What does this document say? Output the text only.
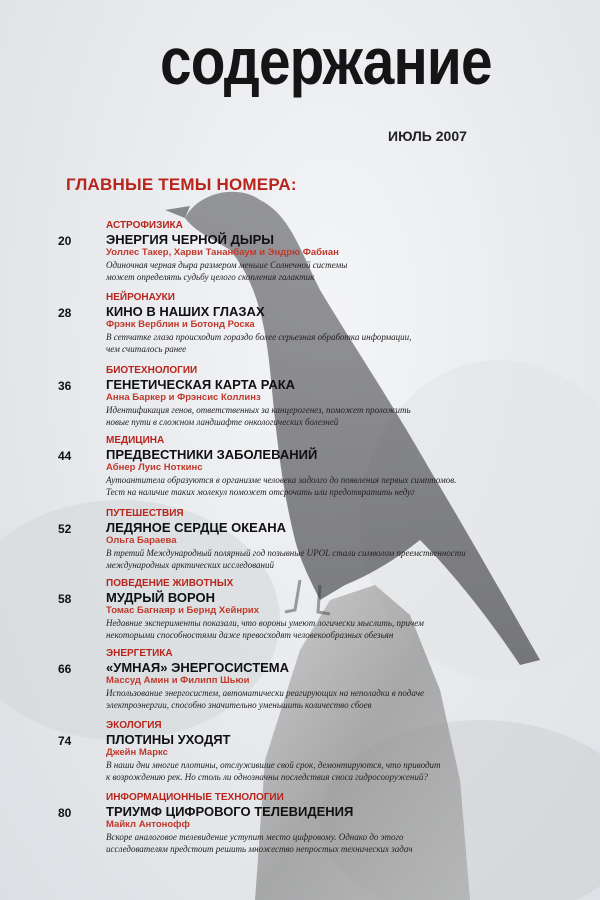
содержание
ИЮЛЬ 2007
ГЛАВНЫЕ ТЕМЫ НОМЕРА:
20
АСТРОФИЗИКА
ЭНЕРГИЯ ЧЕРНОЙ ДЫРЫ
Уоллес Такер, Харви Тананбаум и Эндрю Фабиан
Одиночная черная дыра размером меньше Солнечной системы
может определять судьбу целого скопления галактик
28
НЕЙРОНАУКИ
КИНО В НАШИХ ГЛАЗАХ
Фрэнк Верблин и Ботонд Роска
В сетчатке глаза происходит гораздо более серьезная обработка информации,
чем считалось ранее
36
БИОТЕХНОЛОГИИ
ГЕНЕТИЧЕСКАЯ КАРТА РАКА
Анна Баркер и Фрэнсис Коллинз
Идентификация генов, ответственных за канцерогенез, поможет проложить
новые пути в сложном ландшафте онкологических болезней
44
МЕДИЦИНА
ПРЕДВЕСТНИКИ ЗАБОЛЕВАНИЙ
Абнер Луис Ноткинс
Аутоантитела образуются в организме человека задолго до появления первых симптомов.
Тест на наличие таких молекул поможет отсрочить или предотвратить недуг
52
ПУТЕШЕСТВИЯ
ЛЕДЯНОЕ СЕРДЦЕ ОКЕАНА
Ольга Бараева
В третий Международный полярный год позывные UPOL стали символом преемственности
международных арктических исследований
58
ПОВЕДЕНИЕ ЖИВОТНЫХ
МУДРЫЙ ВОРОН
Томас Багнаяр и Бернд Хейнрих
Недавние эксперименты показали, что вороны умеют логически мыслить, причем
некоторыми способностями даже превосходят человекообразных обезьян
66
ЭНЕРГЕТИКА
«УМНАЯ» ЭНЕРГОСИСТЕМА
Массуд Амин и Филипп Шьюи
Использование энергосистем, автоматически реагирующих на неполадки в подаче
электроэнергии, способно значительно уменьшить количество сбоев
74
ЭКОЛОГИЯ
ПЛОТИНЫ УХОДЯТ
Джейн Маркс
В наши дни многие плотины, отслужившие свой срок, демонтируются, что приводит
к возрождению рек. Но столь ли однозначны последствия сноса гидросооружений?
80
ИНФОРМАЦИОННЫЕ ТЕХНОЛОГИИ
ТРИУМФ ЦИФРОВОГО ТЕЛЕВИДЕНИЯ
Майкл Антонофф
Вскоре аналоговое телевидение уступит место цифровому. Однако до этого
исследователям предстоит решить множество непростых технических задач
